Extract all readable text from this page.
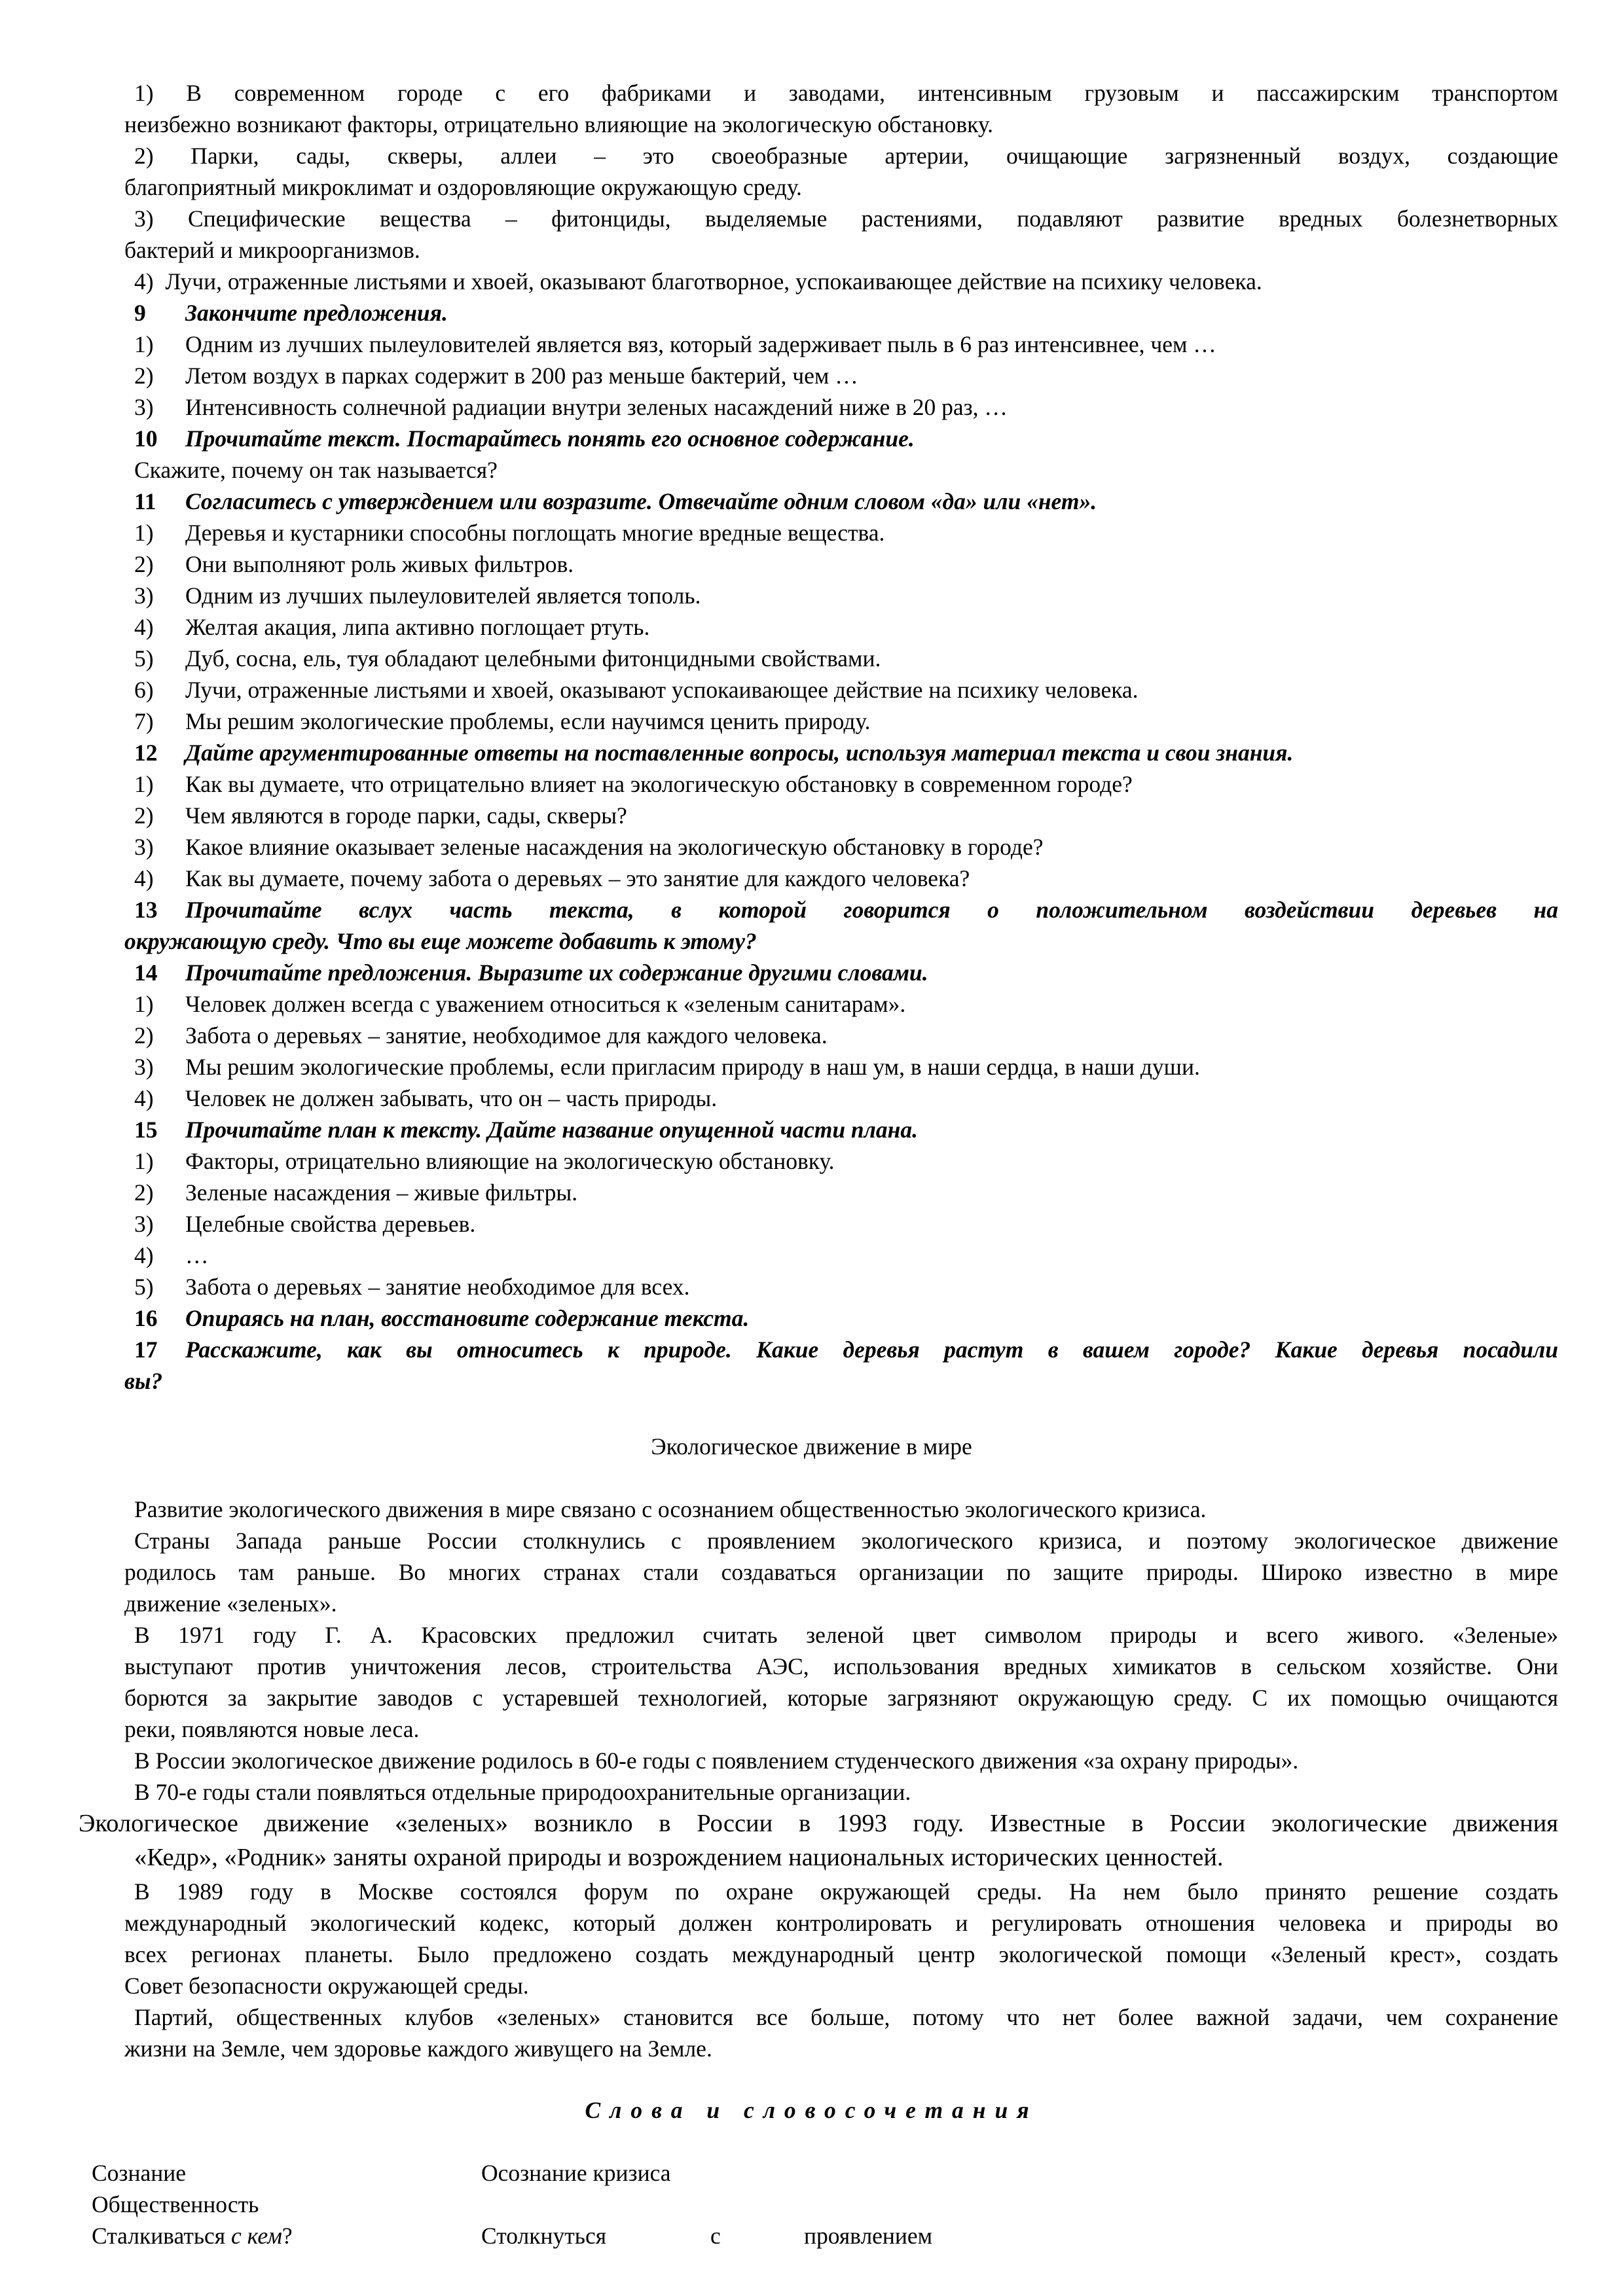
1) В современном городе с его фабриками и заводами, интенсивным грузовым и пассажирским транспортом
неизбежно возникают факторы, отрицательно влияющие на экологическую обстановку.
2) Парки, сады, скверы, аллеи – это своеобразные артерии, очищающие загрязненный воздух, создающие
благоприятный микроклимат и оздоровляющие окружающую среду.
3) Специфические вещества – фитонциды, выделяемые растениями, подавляют развитие вредных болезнетворных
бактерий и микроорганизмов.
4)  Лучи, отраженные листьями и хвоей, оказывают благотворное, успокаивающее действие на психику человека.
9 Закончите предложения.
1) Одним из лучших пылеуловителей является вяз, который задерживает пыль в 6 раз интенсивнее, чем …
2) Летом воздух в парках содержит в 200 раз меньше бактерий, чем …
3) Интенсивность солнечной радиации внутри зеленых насаждений ниже в 20 раз, …
10 Прочитайте текст. Постарайтесь понять его основное содержание.
Скажите, почему он так называется?
11 Согласитесь с утверждением или возразите. Отвечайте одним словом «да» или «нет».
1) Деревья и кустарники способны поглощать многие вредные вещества.
2) Они выполняют роль живых фильтров.
3) Одним из лучших пылеуловителей является тополь.
4) Желтая акация, липа активно поглощает ртуть.
5) Дуб, сосна, ель, туя обладают целебными фитонцидными свойствами.
6) Лучи, отраженные листьями и хвоей, оказывают успокаивающее действие на психику человека.
7) Мы решим экологические проблемы, если научимся ценить природу.
12 Дайте аргументированные ответы на поставленные вопросы, используя материал текста и свои знания.
1) Как вы думаете, что отрицательно влияет на экологическую обстановку в современном городе?
2) Чем являются в городе парки, сады, скверы?
3) Какое влияние оказывает зеленые насаждения на экологическую обстановку в городе?
4) Как вы думаете, почему забота о деревьях – это занятие для каждого человека?
13	Прочитайте вслух часть текста, в которой говорится о положительном воздействии деревьев на
окружающую среду. Что вы еще можете добавить к этому?
14 Прочитайте предложения. Выразите их содержание другими словами.
1) Человек должен всегда с уважением относиться к «зеленым санитарам».
2) Забота о деревьях – занятие, необходимое для каждого человека.
3) Мы решим экологические проблемы, если пригласим природу в наш ум, в наши сердца, в наши души.
4) Человек не должен забывать, что он – часть природы.
15 Прочитайте план к тексту. Дайте название опущенной части плана.
1) Факторы, отрицательно влияющие на экологическую обстановку.
2) Зеленые насаждения – живые фильтры.
3) Целебные свойства деревьев.
4) …
5) Забота о деревьях – занятие необходимое для всех.
16 Опираясь на план, восстановите содержание текста.
17	Расскажите, как вы относитесь к природе. Какие деревья растут в вашем городе? Какие деревья посадили
вы?
Экологическое движение в мире
Развитие экологического движения в мире связано с осознанием общественностью экологического кризиса.
Страны Запада раньше России столкнулись с проявлением экологического кризиса, и поэтому экологическое движение
родилось там раньше. Во многих странах стали создаваться организации по защите природы. Широко известно в мире
движение «зеленых».
В 1971 году Г. А. Красовских предложил считать зеленой цвет символом природы и всего живого. «Зеленые»
выступают против уничтожения лесов, строительства АЭС, использования вредных химикатов в сельском хозяйстве. Они
борются за закрытие заводов с устаревшей технологией, которые загрязняют окружающую среду. С их помощью очищаются
реки, появляются новые леса.
В России экологическое движение родилось в 60-е годы с появлением студенческого движения «за охрану природы».
В 70-е годы стали появляться отдельные природоохранительные организации.
Экологическое движение «зеленых» возникло в России в 1993 году. Известные в России экологические движения
«Кедр», «Родник» заняты охраной природы и возрождением национальных исторических ценностей.
В 1989 году в Москве состоялся форум по охране окружающей среды. На нем было принято решение создать
международный экологический кодекс, который должен контролировать и регулировать отношения человека и природы во
всех регионах планеты. Было предложено создать международный центр экологической помощи «Зеленый крест», создать
Совет безопасности окружающей среды.
Партий, общественных клубов «зеленых» становится все больше, потому что нет более важной задачи, чем сохранение
жизни на Земле, чем здоровье каждого живущего на Земле.
Слова и словосочетания
Сознание	Осознание кризиса
Общественность
Сталкиваться с кем?	Столкнуться	с	проявлением
